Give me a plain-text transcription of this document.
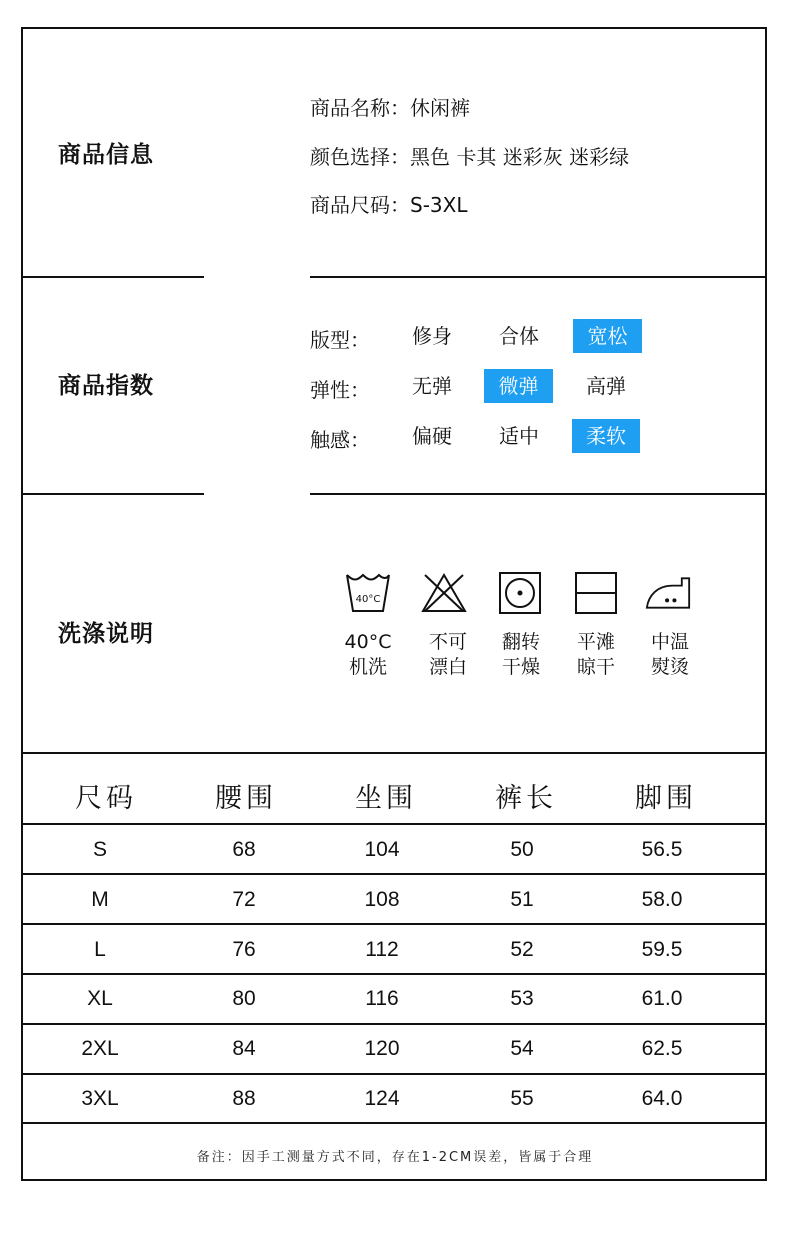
商品信息
商品名称：休闲裤
颜色选择：黑色 卡其 迷彩灰 迷彩绿
商品尺码：S-3XL
商品指数
版型：	修身	合体	宽松
弹性：	无弹	微弹	高弹
触感：	偏硬	适中	柔软
洗涤说明
40°C
40°C
机洗
不可
漂白
翻转
干燥
平滩
晾干
中温
熨烫
尺码	腰围	坐围	裤长	脚围
S	68	104	50	56.5
M	72	108	51	58.0
L	76	112	52	59.5
XL	80	116	53	61.0
2XL	84	120	54	62.5
3XL	88	124	55	64.0
备注：因手工测量方式不同，存在1-2CM误差，皆属于合理
